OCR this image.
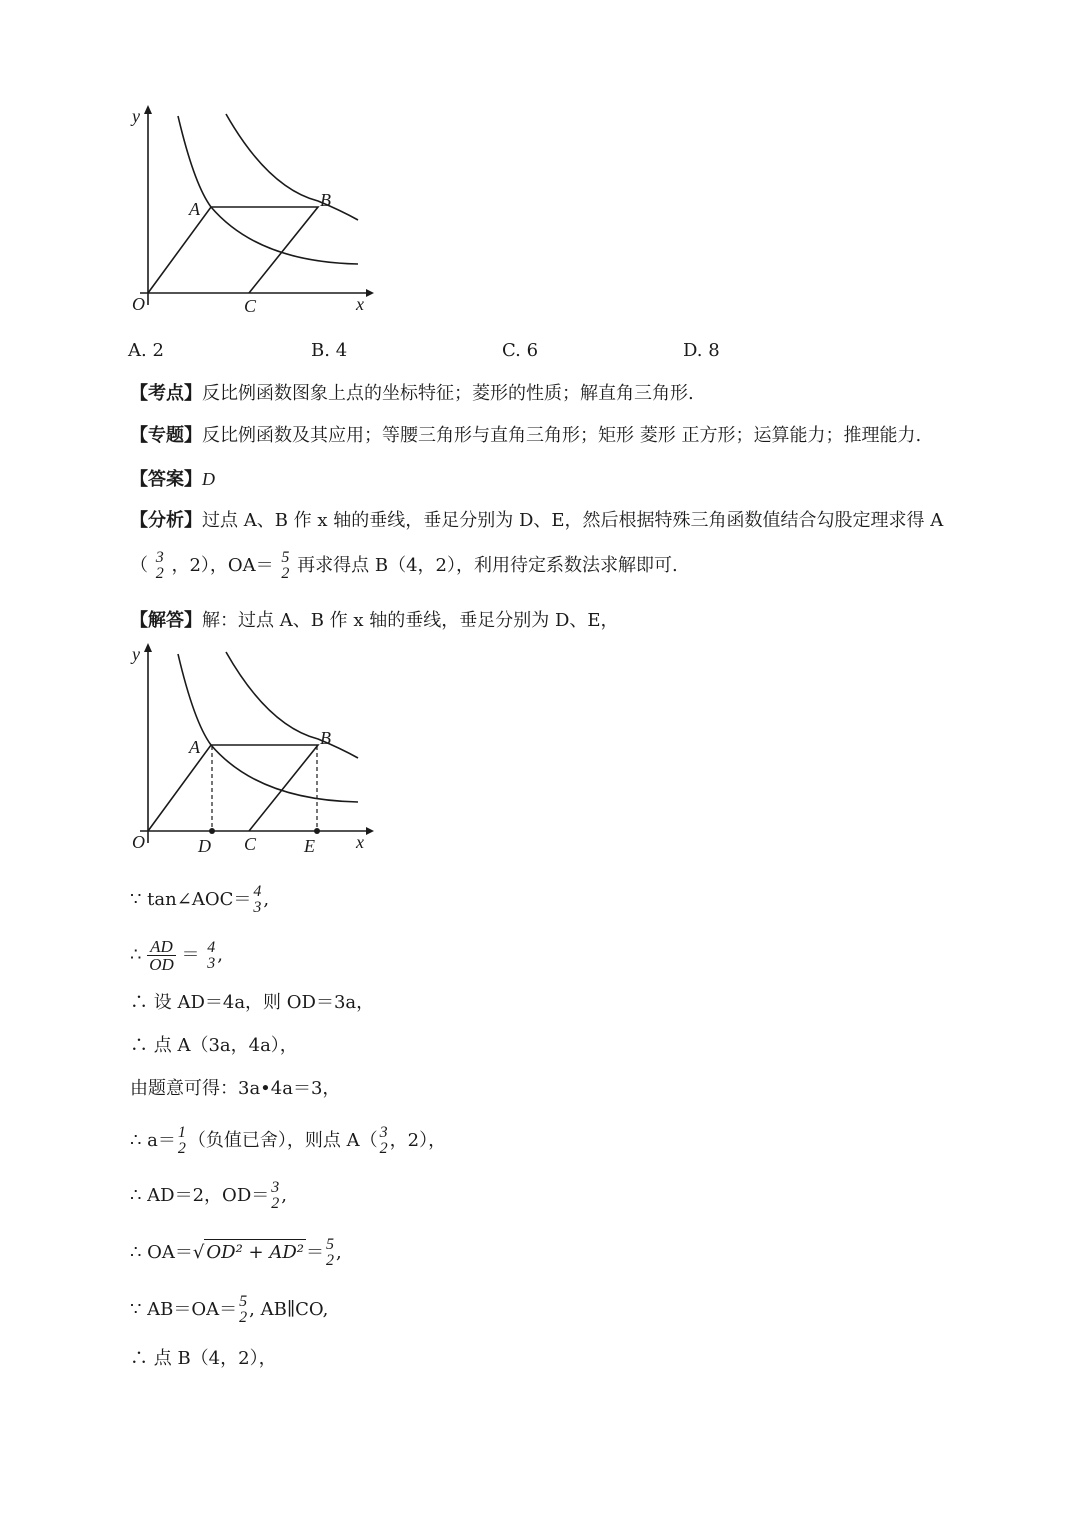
y
x
O
A	B
C
A. 2	B. 4	C. 6	D. 8
【考点】反比例函数图象上点的坐标特征；菱形的性质；解直角三角形.
【专题】反比例函数及其应用；等腰三角形与直角三角形；矩形 菱形 正方形；运算能力；推理能力.
【答案】D
【分析】过点 A、B 作 x 轴的垂线，垂足分别为 D、E，然后根据特殊三角函数值结合勾股定理求得 A
（ 3
2 ，2），OA＝ 5
2 再求得点 B（4，2），利用待定系数法求解即可.
【解答】解：过点 A、B 作 x 轴的垂线，垂足分别为 D、E，
y
x
O
A	B
C
D	E
∵ tan∠AOC＝ 4
3 ,
∴ $\frac{AD}{OD} = 4$
3 ,
∴ 设 AD＝4a，则 OD＝3a，
∴ 点 A（3a，4a），
由题意可得：3a•4a＝3，
∴ a＝ 1
2 （负值已舍），则点 A（ 3
2 ，2），
∴ AD＝2，OD＝ 3
2 ,
∴ OA＝√ OD² + AD² ＝ 5
2 ,
∵ AB＝OA＝ 5
2 , AB∥CO,
∴ 点 B（4，2），
